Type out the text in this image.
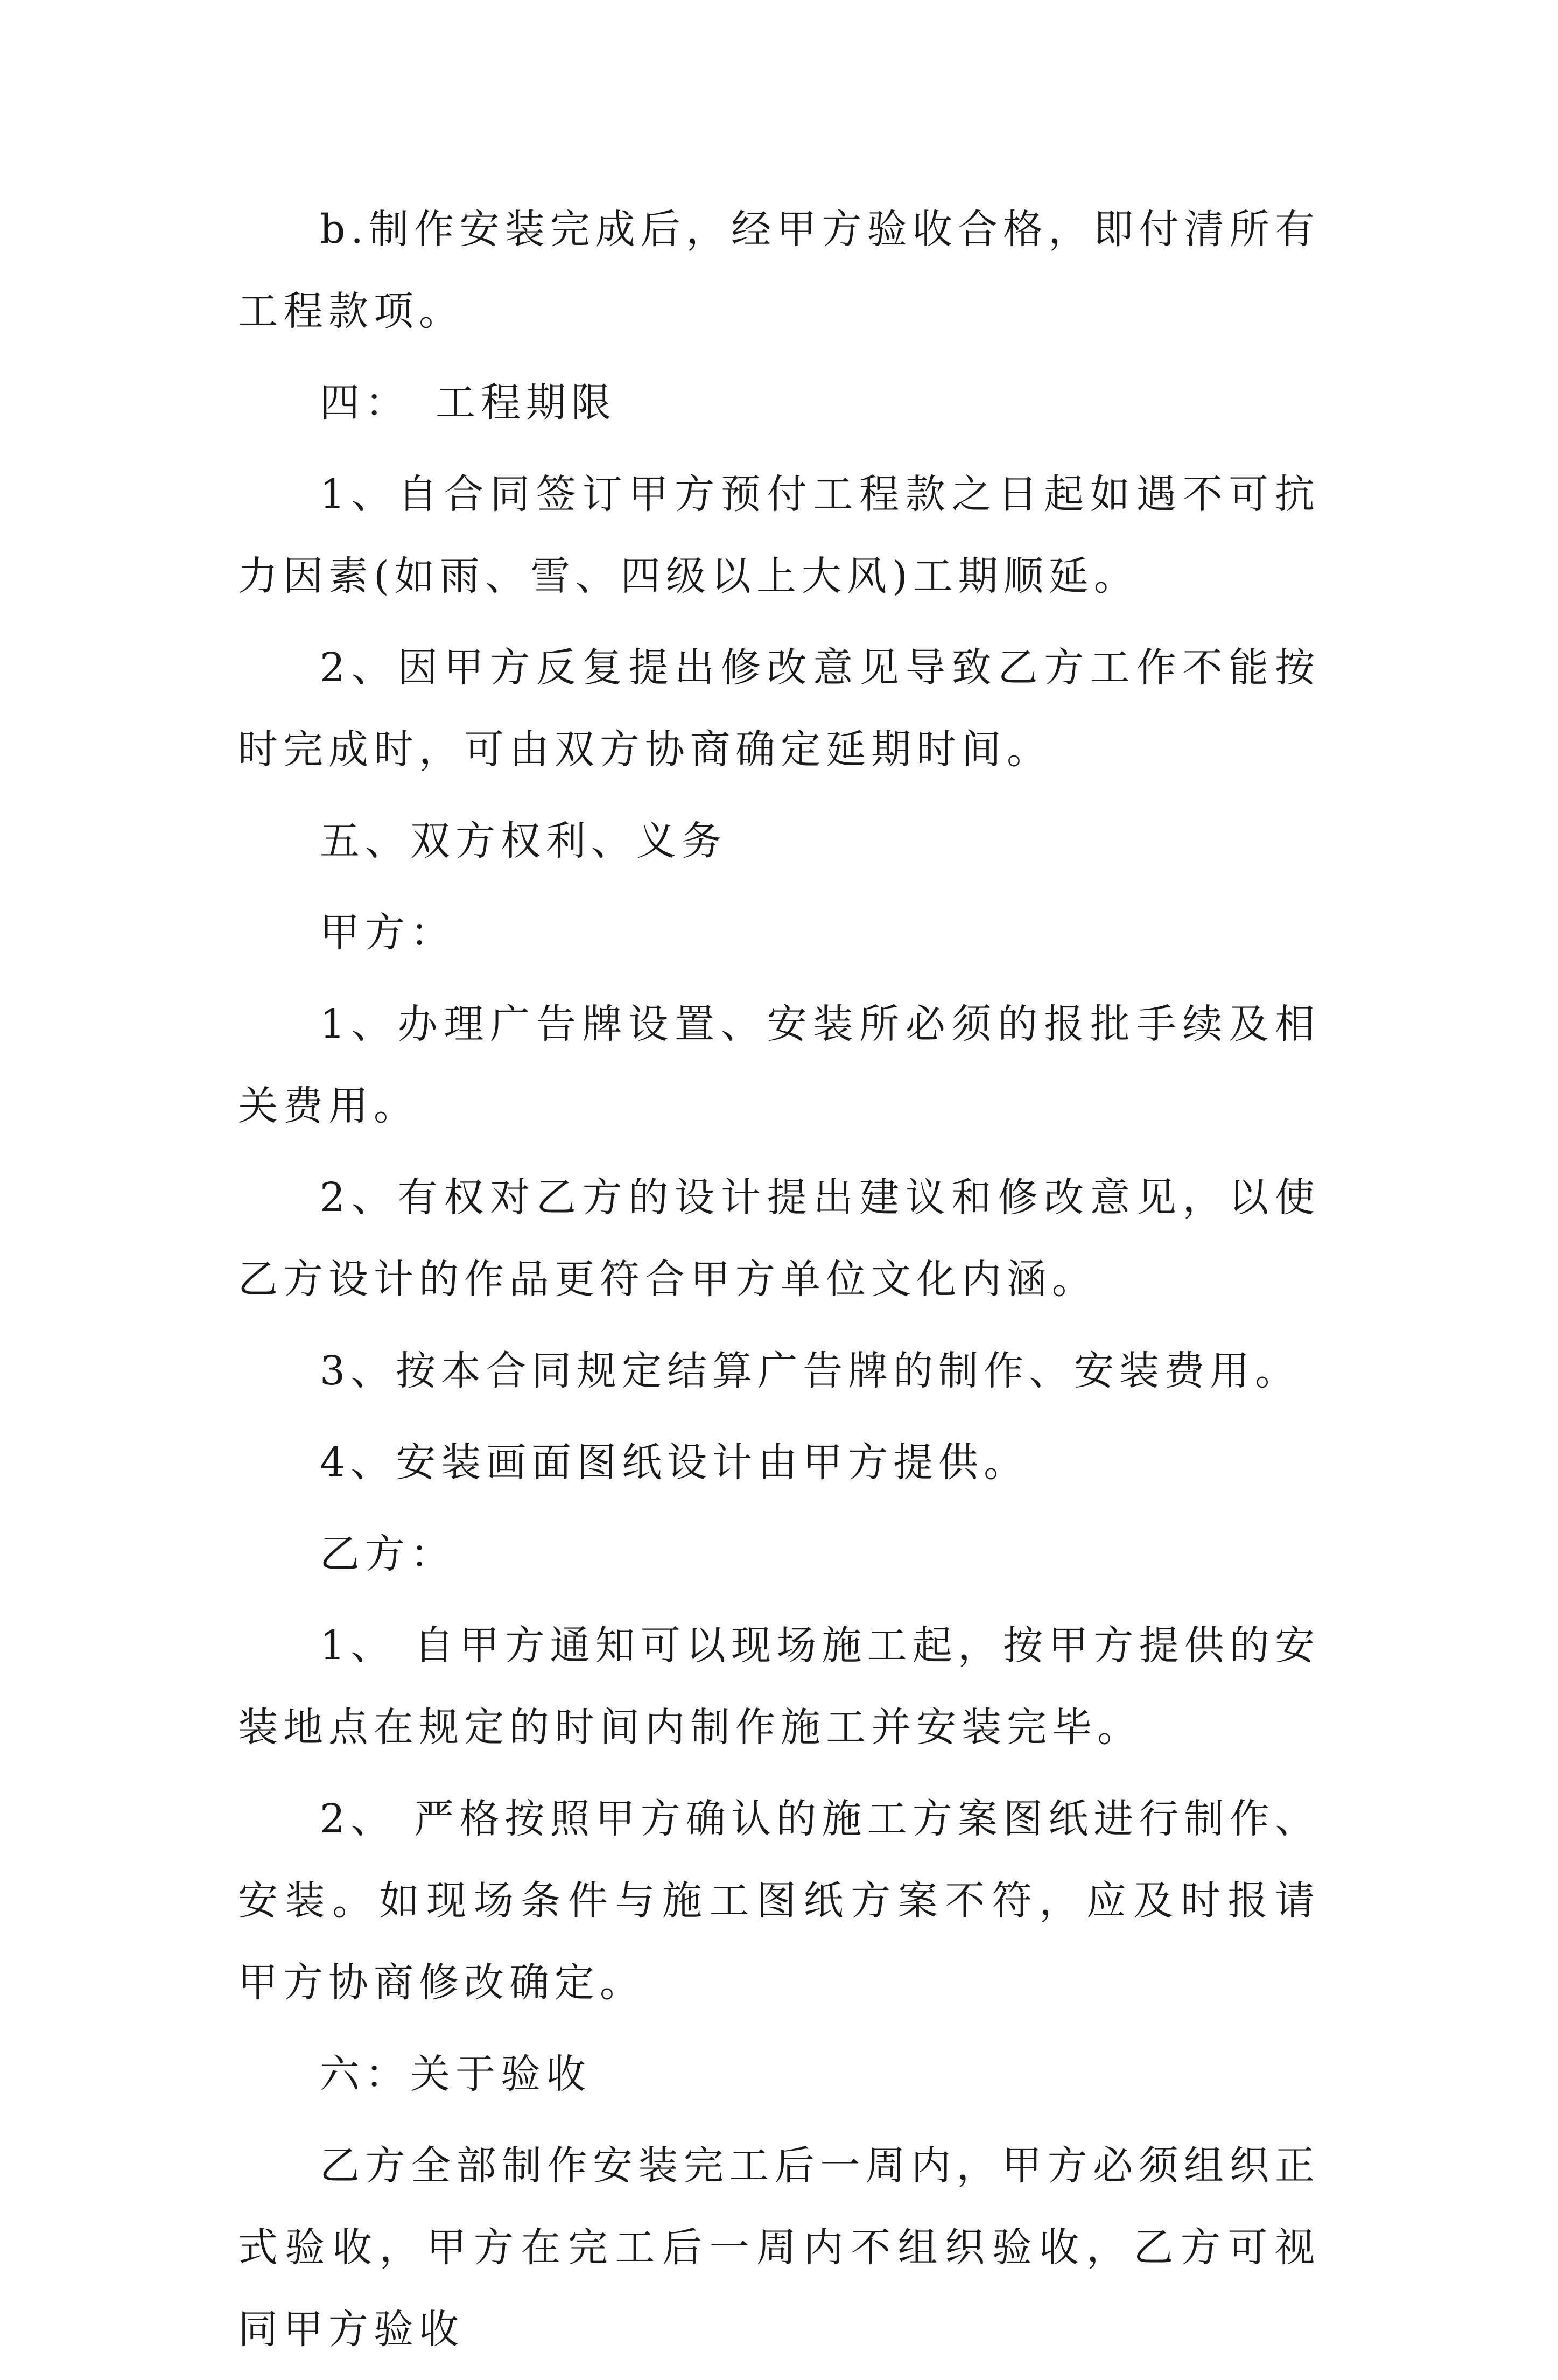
b.制作安装完成后，经甲方验收合格，即付清所有工程款项。

四：　工程期限

1、自合同签订甲方预付工程款之日起如遇不可抗力因素(如雨、雪、四级以上大风)工期顺延。

2、因甲方反复提出修改意见导致乙方工作不能按时完成时，可由双方协商确定延期时间。

五、双方权利、义务

甲方：

1、办理广告牌设置、安装所必须的报批手续及相关费用。

2、有权对乙方的设计提出建议和修改意见，以使乙方设计的作品更符合甲方单位文化内涵。

3、按本合同规定结算广告牌的制作、安装费用。

4、安装画面图纸设计由甲方提供。

乙方：

1、 自甲方通知可以现场施工起，按甲方提供的安装地点在规定的时间内制作施工并安装完毕。

2、 严格按照甲方确认的施工方案图纸进行制作、安装。如现场条件与施工图纸方案不符，应及时报请甲方协商修改确定。

六：关于验收

乙方全部制作安装完工后一周内，甲方必须组织正式验收，甲方在完工后一周内不组织验收，乙方可视同甲方验收
